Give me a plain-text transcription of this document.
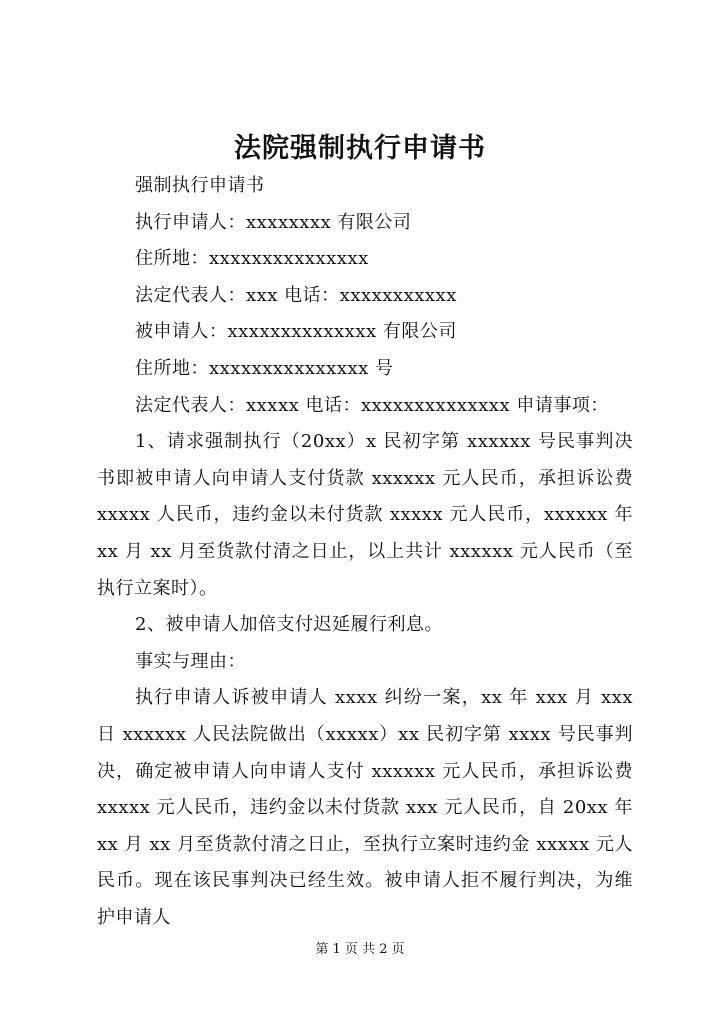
法院强制执行申请书

强制执行申请书

执行申请人：xxxxxxxx 有限公司

住所地：xxxxxxxxxxxxxxx

法定代表人：xxx 电话：xxxxxxxxxxx

被申请人：xxxxxxxxxxxxxx 有限公司

住所地：xxxxxxxxxxxxxxx 号

法定代表人：xxxxx 电话：xxxxxxxxxxxxxx 申请事项：

1、请求强制执行（20xx）x 民初字第 xxxxxx 号民事判决书即被申请人向申请人支付货款 xxxxxx 元人民币，承担诉讼费 xxxxx 人民币，违约金以未付货款 xxxxx 元人民币，xxxxxx 年 xx 月 xx 月至货款付清之日止，以上共计 xxxxxx 元人民币（至执行立案时）。

2、被申请人加倍支付迟延履行利息。

事实与理由：

执行申请人诉被申请人 xxxx 纠纷一案，xx 年 xxx 月 xxx 日 xxxxxx 人民法院做出（xxxxx）xx 民初字第 xxxx 号民事判决，确定被申请人向申请人支付 xxxxxx 元人民币，承担诉讼费 xxxxx 元人民币，违约金以未付货款 xxx 元人民币，自 20xx 年 xx 月 xx 月至货款付清之日止，至执行立案时违约金 xxxxx 元人民币。现在该民事判决已经生效。被申请人拒不履行判决，为维护申请人

第 1 页 共 2 页
